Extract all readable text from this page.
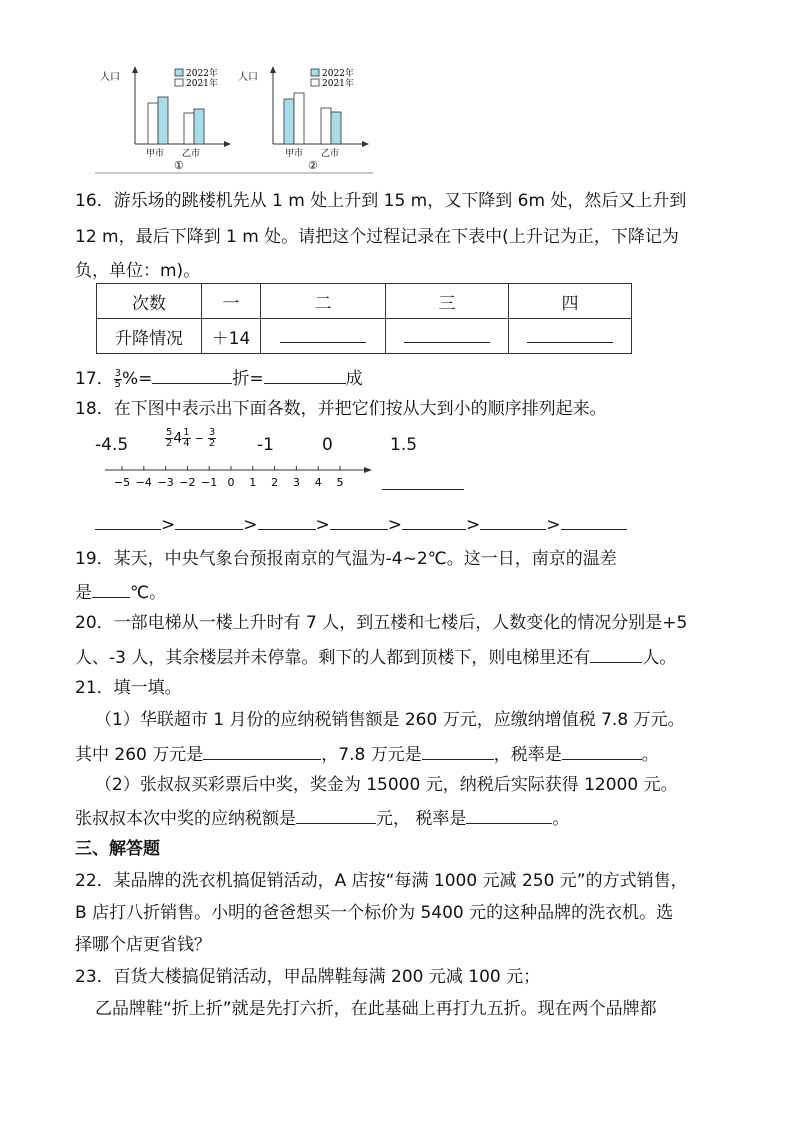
人口	2022年
2021年
甲市 乙市
①
人口	2022年
2021年
甲市 乙市
②
16．游乐场的跳楼机先从 1 m 处上升到 15 m，又下降到 6m 处，然后又上升到
12 m，最后下降到 1 m 处。请把这个过程记录在下表中(上升记为正，下降记为
负，单位：m)。
次数	一	二	三	四
升降情况	＋14			
17． $\frac{3}{5}$ %=	折=	成
18．在下图中表示出下面各数，并把它们按从大到小的顺序排列起来。
-4.5	$\frac{5}{2} 4 \frac{1}{4} - \frac{3}{2} -1$	0	1.5
−5 −4 −3 −2 −1 0 1 2 3 4 5
>	>	>	>	>	>
19．某天，中央气象台预报南京的气温为-4~2℃。这一日，南京的温差
是 ℃。
20．一部电梯从一楼上升时有 7 人，到五楼和七楼后，人数变化的情况分别是+5
人、-3 人，其余楼层并未停靠。剩下的人都到顶楼下，则电梯里还有	人。
21．填一填。
（1）华联超市 1 月份的应纳税销售额是 260 万元，应缴纳增值税 7.8 万元。
其中 260 万元是	，7.8 万元是	，税率是	。
（2）张叔叔买彩票后中奖，奖金为 15000 元，纳税后实际获得 12000 元。
张叔叔本次中奖的应纳税额是	元， 税率是	。
三、解答题
22．某品牌的洗衣机搞促销活动，A 店按“每满 1000 元减 250 元”的方式销售，
B 店打八折销售。小明的爸爸想买一个标价为 5400 元的这种品牌的洗衣机。选
择哪个店更省钱？
23．百货大楼搞促销活动，甲品牌鞋每满 200 元减 100 元；
乙品牌鞋“折上折”就是先打六折，在此基础上再打九五折。现在两个品牌都
